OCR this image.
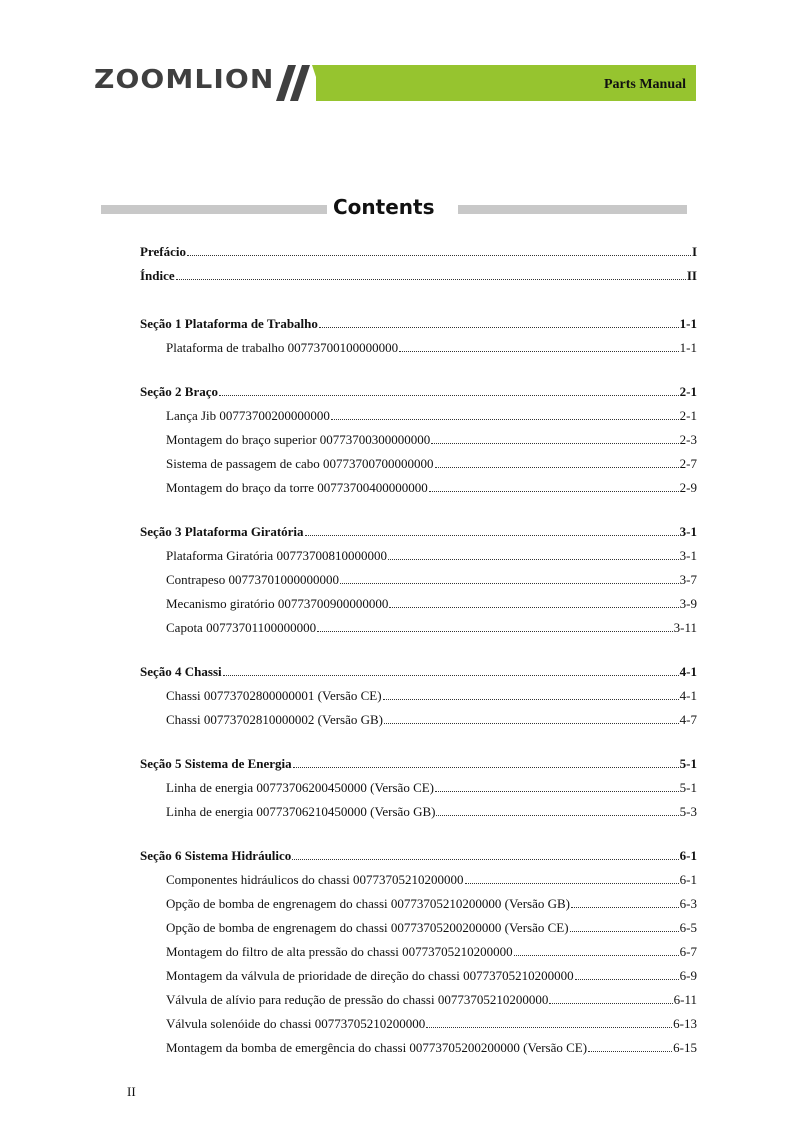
ZOOMLION	Parts Manual
Contents
Prefácio	I
Índice	II
Seção 1 Plataforma de Trabalho	1-1
Plataforma de trabalho 00773700100000000	1-1
Seção 2 Braço	2-1
Lança Jib 00773700200000000	2-1
Montagem do braço superior 00773700300000000	2-3
Sistema de passagem de cabo 00773700700000000	2-7
Montagem do braço da torre 00773700400000000	2-9
Seção 3 Plataforma Giratória	3-1
Plataforma Giratória 00773700810000000	3-1
Contrapeso 00773701000000000	3-7
Mecanismo giratório 00773700900000000	3-9
Capota 00773701100000000	3-11
Seção 4 Chassi	4-1
Chassi 00773702800000001 (Versão CE)	4-1
Chassi 00773702810000002 (Versão GB)	4-7
Seção 5 Sistema de Energia	5-1
Linha de energia 00773706200450000 (Versão CE)	5-1
Linha de energia 00773706210450000 (Versão GB)	5-3
Seção 6 Sistema Hidráulico	6-1
Componentes hidráulicos do chassi 00773705210200000	6-1
Opção de bomba de engrenagem do chassi 00773705210200000 (Versão GB)	6-3
Opção de bomba de engrenagem do chassi 00773705200200000 (Versão CE)	6-5
Montagem do filtro de alta pressão do chassi 00773705210200000	6-7
Montagem da válvula de prioridade de direção do chassi 00773705210200000	6-9
Válvula de alívio para redução de pressão do chassi 00773705210200000	6-11
Válvula solenóide do chassi 00773705210200000	6-13
Montagem da bomba de emergência do chassi 00773705200200000 (Versão CE)	6-15
II
